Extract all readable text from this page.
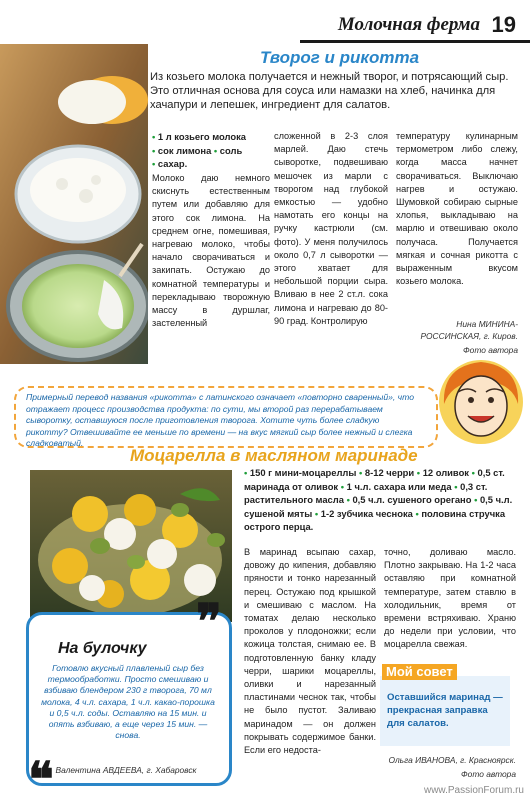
Молочная ферма 19
Творог и рикотта
Из козьего молока получается и нежный творог, и потрясающий сыр. Это отличная основа для соуса или намазки на хлеб, начинка для хачапури и лепешек, ингредиент для салатов.
• 1 л козьего молока
• сок лимона • соль
• сахар.
Молоко даю немного скиснуть естественным путем или добавляю для этого сок лимона. На среднем огне, помешивая, нагреваю молоко, чтобы начало сворачиваться и закипать. Остужаю до комнатной температуры и перекладываю творожную массу в дуршлаг, застеленный
сложенной в 2-3 слоя марлей. Даю стечь сыворотке, подвешиваю мешочек из марли с творогом над глубокой емкостью — удобно намотать его концы на ручку кастрюли (см. фото). У меня получилось около 0,7 л сыворотки — этого хватает для небольшой порции сыра. Вливаю в нее 2 ст.л. сока лимона и нагреваю до 80-90 град. Контролирую
температуру кулинарным термометром либо слежу, когда масса начнет сворачиваться. Выключаю нагрев и остужаю. Шумовкой собираю сырные хлопья, выкладываю на марлю и отвешиваю около получаса. Получается мягкая и сочная рикотта с выраженным вкусом козьего молока.
Нина МИНИНА-РОССИНСКАЯ, г. Киров.
Фото автора
Примерный перевод названия «рикотта» с латинского означает «повторно сваренный», что отражает процесс производства продукта: по сути, мы второй раз перерабатываем сыворотку, оставшуюся после приготовления творога. Хотите чуть более сладкую рикотту? Отвешивайте ее меньше по времени — на вкус мягкий сыр более нежный и слегка сладковатый.
Моцарелла в масляном маринаде
• 150 г мини-моцареллы • 8-12 черри • 12 оливок • 0,5 ст. маринада от оливок • 1 ч.л. сахара или меда • 0,3 ст. растительного масла • 0,5 ч.л. сушеного орегано • 0,5 ч.л. сушеной мяты • 1-2 зубчика чеснока • половина стручка острого перца.
В маринад всыпаю сахар, довожу до кипения, добавляю пряности и тонко нарезанный перец. Остужаю под крышкой и смешиваю с маслом. На томатах делаю несколько проколов у плодоножки; если кожица толстая, снимаю ее. В подготовленную банку кладу черри, шарики моцареллы, оливки и нарезанный пластинами чеснок так, чтобы не было пустот. Заливаю маринадом — он должен покрывать содержимое банки. Если его недоста-
точно, доливаю масло. Плотно закрываю. На 1-2 часа оставляю при комнатной температуре, затем ставлю в холодильник, время от времени встряхиваю. Храню до недели при условии, что моцарелла свежая.
Мой совет
Оставшийся маринад — прекрасная заправка для салатов.
Ольга ИВАНОВА, г. Красноярск.
Фото автора
❞
❝
На булочку
Готовлю вкусный плавленый сыр без термообработки. Просто смешиваю и взбиваю блендером 230 г творога, 70 мл молока, 4 ч.л. сахара, 1 ч.л. какао-порошка и 0,5 ч.л. соды. Оставляю на 15 мин. и опять взбиваю, а еще через 15 мин. — снова.
Валентина АВДЕЕВА, г. Хабаровск
www.PassionForum.ru
